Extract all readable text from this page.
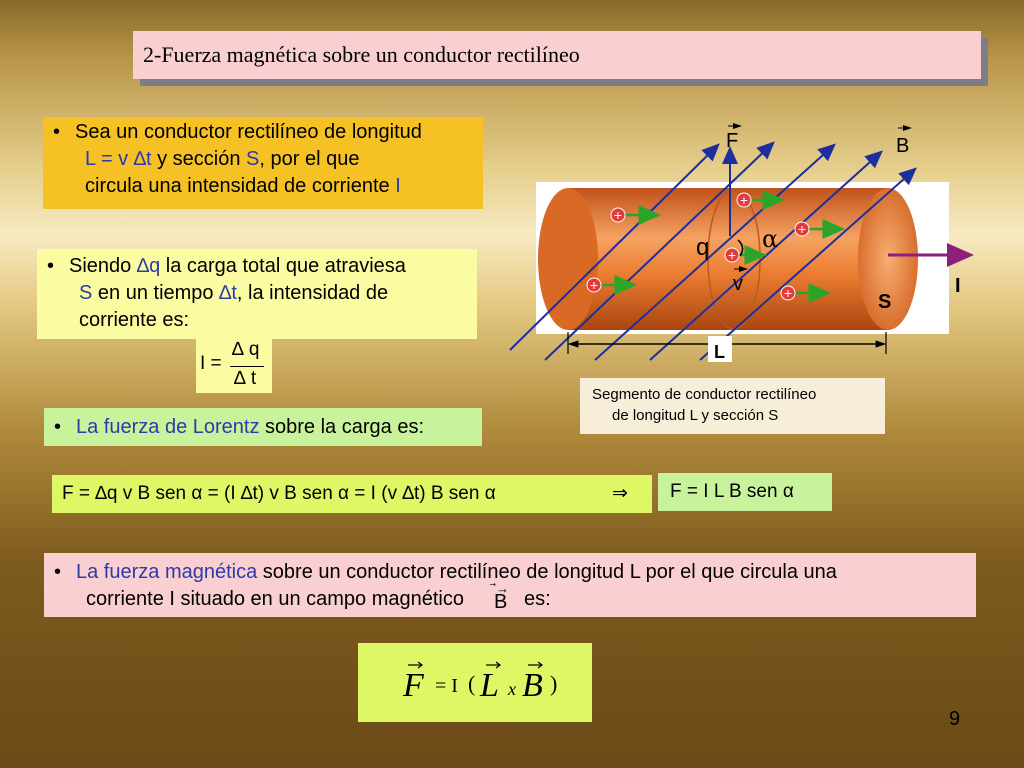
2-Fuerza magnética sobre un conductor rectilíneo
• Sea un conductor rectilíneo de longitud
L = v ∆t y sección S, por el que
circula una intensidad de corriente I
• Siendo ∆q la carga total que atraviesa
S en un tiempo ∆t, la intensidad de
corriente es:
I =
∆ q
∆ t
• La fuerza de Lorentz sobre la carga es:
F = ∆q v B sen α = (I ∆t) v B sen α = I (v ∆t) B sen α	⇒	F = I L B sen α
• La fuerza magnética sobre un conductor rectilíneo de longitud L por el que circula una
corriente I situado en un campo magnético ⃗→
B es:
F = I ( L x B )
+
+
+
+
+	+
F	B
q α
v	I
S
L
Segmento de conductor rectilíneo
de longitud L y sección S
9
